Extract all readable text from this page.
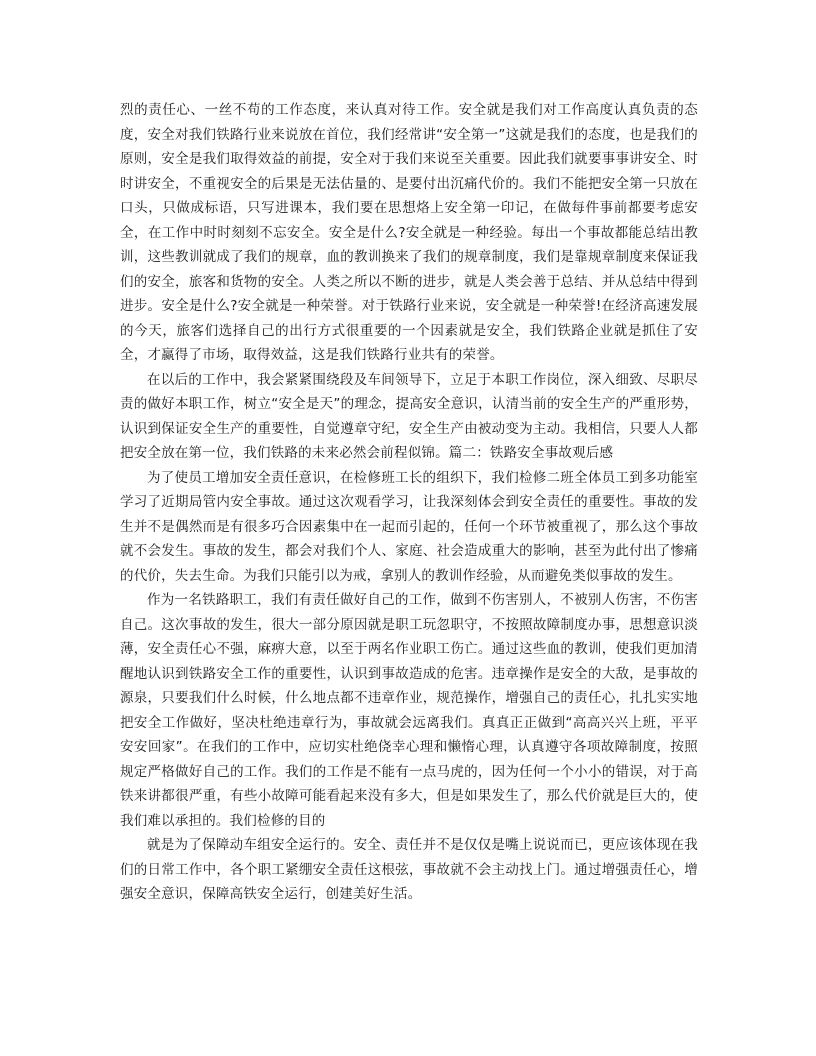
烈的责任心、一丝不苟的工作态度，来认真对待工作。安全就是我们对工作高度认真负责的态度，安全对我们铁路行业来说放在首位，我们经常讲“安全第一”这就是我们的态度，也是我们的原则，安全是我们取得效益的前提，安全对于我们来说至关重要。因此我们就要事事讲安全、时时讲安全，不重视安全的后果是无法估量的、是要付出沉痛代价的。我们不能把安全第一只放在口头，只做成标语，只写进课本，我们要在思想烙上安全第一印记，在做每件事前都要考虑安全，在工作中时时刻刻不忘安全。安全是什么?安全就是一种经验。每出一个事故都能总结出教训，这些教训就成了我们的规章，血的教训换来了我们的规章制度，我们是靠规章制度来保证我们的安全，旅客和货物的安全。人类之所以不断的进步，就是人类会善于总结、并从总结中得到进步。安全是什么?安全就是一种荣誉。对于铁路行业来说，安全就是一种荣誉!在经济高速发展的今天，旅客们选择自己的出行方式很重要的一个因素就是安全，我们铁路企业就是抓住了安全，才赢得了市场，取得效益，这是我们铁路行业共有的荣誉。

在以后的工作中，我会紧紧围绕段及车间领导下，立足于本职工作岗位，深入细致、尽职尽责的做好本职工作，树立“安全是天”的理念，提高安全意识，认清当前的安全生产的严重形势，认识到保证安全生产的重要性，自觉遵章守纪，安全生产由被动变为主动。我相信，只要人人都把安全放在第一位，我们铁路的未来必然会前程似锦。篇二：铁路安全事故观后感

为了使员工增加安全责任意识，在检修班工长的组织下，我们检修二班全体员工到多功能室学习了近期局管内安全事故。通过这次观看学习，让我深刻体会到安全责任的重要性。事故的发生并不是偶然而是有很多巧合因素集中在一起而引起的，任何一个环节被重视了，那么这个事故就不会发生。事故的发生，都会对我们个人、家庭、社会造成重大的影响，甚至为此付出了惨痛的代价，失去生命。为我们只能引以为戒，拿别人的教训作经验，从而避免类似事故的发生。

作为一名铁路职工，我们有责任做好自己的工作，做到不伤害别人，不被别人伤害，不伤害自己。这次事故的发生，很大一部分原因就是职工玩忽职守，不按照故障制度办事，思想意识淡薄，安全责任心不强，麻痹大意，以至于两名作业职工伤亡。通过这些血的教训，使我们更加清醒地认识到铁路安全工作的重要性，认识到事故造成的危害。违章操作是安全的大敌，是事故的源泉，只要我们什么时候，什么地点都不违章作业，规范操作，增强自己的责任心，扎扎实实地把安全工作做好，坚决杜绝违章行为，事故就会远离我们。真真正正做到“高高兴兴上班，平平安安回家”。在我们的工作中，应切实杜绝侥幸心理和懒惰心理，认真遵守各项故障制度，按照规定严格做好自己的工作。我们的工作是不能有一点马虎的，因为任何一个小小的错误，对于高铁来讲都很严重，有些小故障可能看起来没有多大，但是如果发生了，那么代价就是巨大的，使我们难以承担的。我们检修的目的

就是为了保障动车组安全运行的。安全、责任并不是仅仅是嘴上说说而已，更应该体现在我们的日常工作中，各个职工紧绷安全责任这根弦，事故就不会主动找上门。通过增强责任心，增强安全意识，保障高铁安全运行，创建美好生活。
